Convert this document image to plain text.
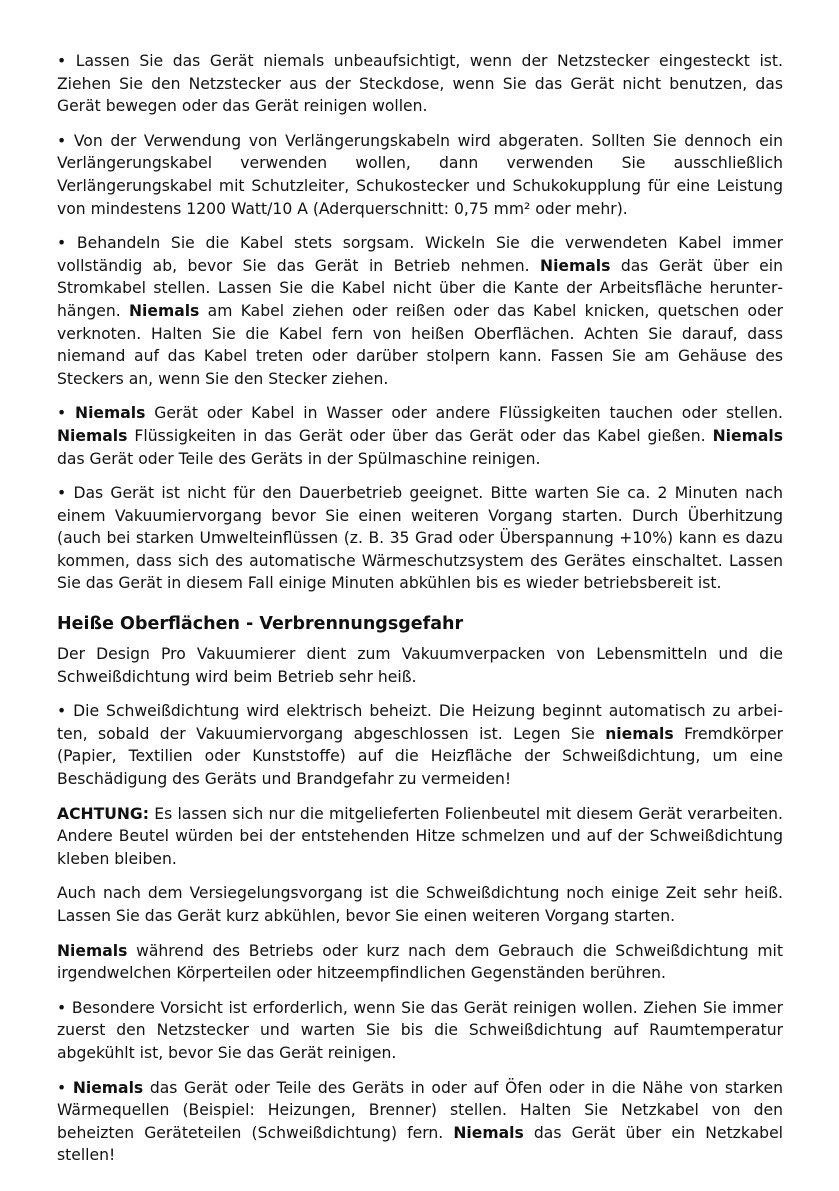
• Lassen Sie das Gerät niemals unbeaufsichtigt, wenn der Netzstecker eingesteckt ist. Ziehen Sie den Netzstecker aus der Steckdose, wenn Sie das Gerät nicht benutzen, das Gerät bewegen oder das Gerät reinigen wollen.

• Von der Verwendung von Verlängerungskabeln wird abgeraten. Sollten Sie dennoch ein Verlängerungskabel verwenden wollen, dann verwenden Sie ausschließlich Verlängerungskabel mit Schutzleiter, Schukostecker und Schukokupplung für eine Leistung von mindestens 1200 Watt/10 A (Aderquerschnitt: 0,75 mm² oder mehr).

• Behandeln Sie die Kabel stets sorgsam. Wickeln Sie die verwendeten Kabel immer vollständig ab, bevor Sie das Gerät in Betrieb nehmen. Niemals das Gerät über ein Stromkabel stellen. Lassen Sie die Kabel nicht über die Kante der Arbeitsfläche herunterhängen. Niemals am Kabel ziehen oder reißen oder das Kabel knicken, quetschen oder verknoten. Halten Sie die Kabel fern von heißen Oberflächen. Achten Sie darauf, dass niemand auf das Kabel treten oder darüber stolpern kann. Fassen Sie am Gehäuse des Steckers an, wenn Sie den Stecker ziehen.

• Niemals Gerät oder Kabel in Wasser oder andere Flüssigkeiten tauchen oder stellen. Niemals Flüssigkeiten in das Gerät oder über das Gerät oder das Kabel gießen. Niemals das Gerät oder Teile des Geräts in der Spülmaschine reinigen.

• Das Gerät ist nicht für den Dauerbetrieb geeignet. Bitte warten Sie ca. 2 Minuten nach einem Vakuumiervorgang bevor Sie einen weiteren Vorgang starten. Durch Überhitzung (auch bei starken Umwelteinflüssen (z. B. 35 Grad oder Überspannung +10%) kann es dazu kommen, dass sich des automatische Wärmeschutzsystem des Gerätes einschaltet. Lassen Sie das Gerät in diesem Fall einige Minuten abkühlen bis es wieder betriebsbereit ist.

Heiße Oberflächen - Verbrennungsgefahr

Der Design Pro Vakuumierer dient zum Vakuumverpacken von Lebensmitteln und die Schweißdichtung wird beim Betrieb sehr heiß.

• Die Schweißdichtung wird elektrisch beheizt. Die Heizung beginnt automatisch zu arbeiten, sobald der Vakuumiervorgang abgeschlossen ist. Legen Sie niemals Fremdkörper (Papier, Textilien oder Kunststoffe) auf die Heizfläche der Schweißdichtung, um eine Beschädigung des Geräts und Brandgefahr zu vermeiden!

ACHTUNG: Es lassen sich nur die mitgelieferten Folienbeutel mit diesem Gerät verarbeiten. Andere Beutel würden bei der entstehenden Hitze schmelzen und auf der Schweißdichtung kleben bleiben.

Auch nach dem Versiegelungsvorgang ist die Schweißdichtung noch einige Zeit sehr heiß. Lassen Sie das Gerät kurz abkühlen, bevor Sie einen weiteren Vorgang starten.

Niemals während des Betriebs oder kurz nach dem Gebrauch die Schweißdichtung mit irgendwelchen Körperteilen oder hitzeempfindlichen Gegenständen berühren.

• Besondere Vorsicht ist erforderlich, wenn Sie das Gerät reinigen wollen. Ziehen Sie immer zuerst den Netzstecker und warten Sie bis die Schweißdichtung auf Raumtemperatur abgekühlt ist, bevor Sie das Gerät reinigen.

• Niemals das Gerät oder Teile des Geräts in oder auf Öfen oder in die Nähe von starken Wärmequellen (Beispiel: Heizungen, Brenner) stellen. Halten Sie Netzkabel von den beheizten Geräteteilen (Schweißdichtung) fern. Niemals das Gerät über ein Netzkabel stellen!
